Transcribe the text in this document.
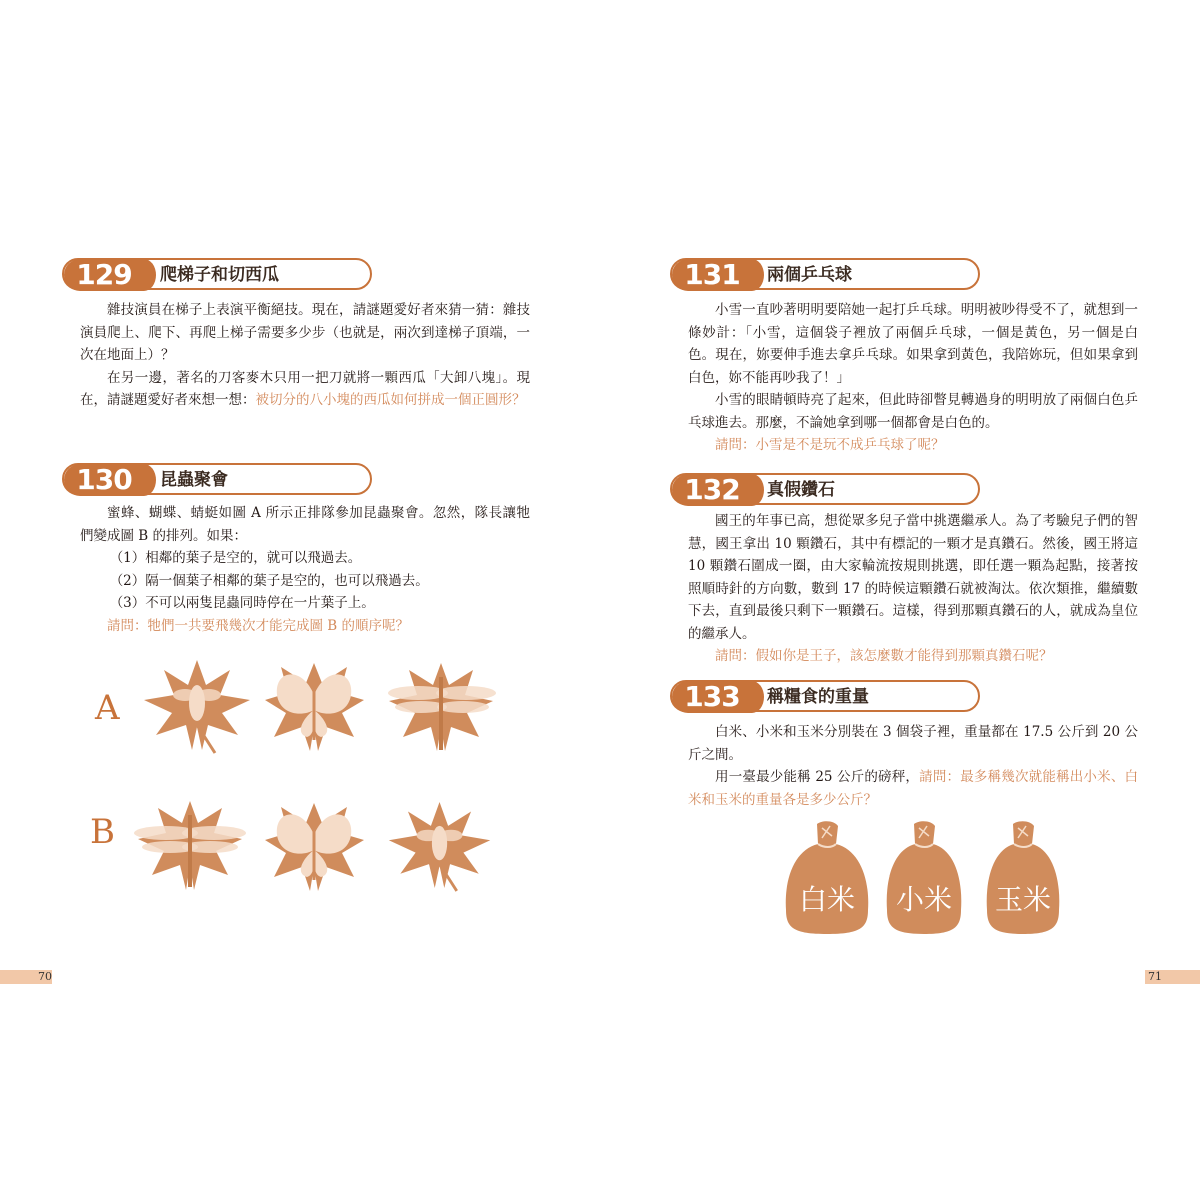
129	爬梯子和切西瓜

雜技演員在梯子上表演平衡絕技。現在，請謎題愛好者來猜一猜：雜技演員爬上、爬下、再爬上梯子需要多少步（也就是，兩次到達梯子頂端，一次在地面上）？

在另一邊，著名的刀客麥木只用一把刀就將一顆西瓜「大卸八塊」。現在，請謎題愛好者來想一想：被切分的八小塊的西瓜如何拼成一個正圓形？

130	昆蟲聚會

蜜蜂、蝴蝶、蜻蜓如圖 A 所示正排隊參加昆蟲聚會。忽然，隊長讓牠們變成圖 B 的排列。如果：

（1）相鄰的葉子是空的，就可以飛過去。

（2）隔一個葉子相鄰的葉子是空的，也可以飛過去。

（3）不可以兩隻昆蟲同時停在一片葉子上。

請問：牠們一共要飛幾次才能完成圖 B 的順序呢？

A
B
70
131	兩個乒乓球

小雪一直吵著明明要陪她一起打乒乓球。明明被吵得受不了，就想到一條妙計：「小雪，這個袋子裡放了兩個乒乓球，一個是黃色，另一個是白色。現在，妳要伸手進去拿乒乓球。如果拿到黃色，我陪妳玩，但如果拿到白色，妳不能再吵我了！」

小雪的眼睛頓時亮了起來，但此時卻瞥見轉過身的明明放了兩個白色乒乓球進去。那麼，不論她拿到哪一個都會是白色的。

請問：小雪是不是玩不成乒乓球了呢？

132	真假鑽石

國王的年事已高，想從眾多兒子當中挑選繼承人。為了考驗兒子們的智慧，國王拿出 10 顆鑽石，其中有標記的一顆才是真鑽石。然後，國王將這 10 顆鑽石圍成一圈，由大家輪流按規則挑選，即任選一顆為起點，接著按照順時針的方向數，數到 17 的時候這顆鑽石就被淘汰。依次類推，繼續數下去，直到最後只剩下一顆鑽石。這樣，得到那顆真鑽石的人，就成為皇位的繼承人。

請問：假如你是王子，該怎麼數才能得到那顆真鑽石呢？

133	稱糧食的重量

白米、小米和玉米分別裝在 3 個袋子裡，重量都在 17.5 公斤到 20 公斤之間。

用一臺最少能稱 25 公斤的磅秤，請問：最多稱幾次就能稱出小米、白米和玉米的重量各是多少公斤？

白米	小米	玉米
71
